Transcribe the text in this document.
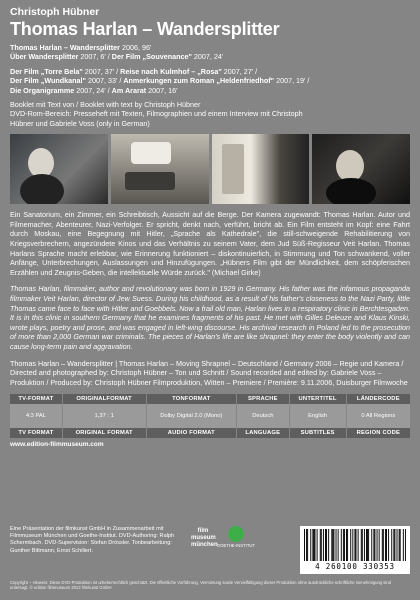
Christoph Hübner
Thomas Harlan – Wandersplitter
Thomas Harlan – Wandersplitter 2006, 96'
Über Wandersplitter 2007, 6' / Der Film „Souvenance" 2007, 24'
Der Film „Torre Bela" 2007, 37' / Reise nach Kulmhof – „Rosa" 2007, 27' /
Der Film „Wundkanal" 2007, 33' / Anmerkungen zum Roman „Heldenfriedhof" 2007, 19' /
Die Organigramme 2007, 24' / Am Ararat 2007, 16'
Booklet mit Text von / Booklet with text by Christoph Hübner
DVD-Rom-Bereich: Presseheft mit Texten, Filmographien und einem Interview mit Christoph
Hübner und Gabriele Voss (only in German)
Ein Sanatorium, ein Zimmer, ein Schreibtisch, Aussicht auf die Berge. Der Kamera zugewandt: Thomas Harlan. Autor und Filmemacher, Abenteurer, Nazi-Verfolger. Er spricht, denkt nach, verführt, bricht ab. Ein Film entsteht im Kopf: eine Fahrt durch Moskau, eine Begegnung mit Hitler, „Sprache als Kathedrale", die still-schweigende Rehabilitierung von Kriegsverbrechern, angezündete Kinos und das Verhältnis zu seinem Vater, dem Jud Süß-Regisseur Veit Harlan. Thomas Harlans Sprache macht erlebbar, wie Erinnerung funktioniert – diskontinuierlich, in Stimmung und Ton schwankend, voller Anfänge, Unterbrechungen, Auslassungen und Hinzufügungen. „Hübners Film gibt der Mündlichkeit, dem schöpferischen Erzählen und Zeugnis-Geben, die intellektuelle Würde zurück." (Michael Girke)
Thomas Harlan, filmmaker, author and revolutionary was born in 1929 in Germany. His father was the infamous propaganda filmmaker Veit Harlan, director of Jew Suess. During his childhood, as a result of his father's closeness to the Nazi Party, little Thomas came face to face with Hitler and Goebbels. Now a frail old man, Harlan lives in a respiratory clinic in Berchtesgaden. It is in this clinic in southern Germany that he examines fragments of his past. He met with Gilles Deleuze and Klaus Kinski, wrote plays, poetry and prose, and was engaged in left-wing discourse. His archival research in Poland led to the prosecution of more than 2,000 German war criminals. The pieces of Harlan's life are like shrapnel: they enter the body violently and can cause long-term pain and aggravation.
Thomas Harlan – Wandersplitter | Thomas Harlan – Moving Shrapnel – Deutschland / Germany 2006 – Regie und Kamera / Directed and photographed by: Christoph Hübner – Ton und Schnitt / Sound recorded and edited by: Gabriele Voss – Produktion / Produced by: Christoph Hübner Filmproduktion, Witten – Premiere / Première: 9.11.2006, Duisburger Filmwoche
TV-FORMAT	ORIGINALFORMAT	TONFORMAT	SPRACHE	UNTERTITEL	LÄNDERCODE
4:3 PAL	1,37 : 1	Dolby Digital 2.0 (Mono)	Deutsch	English	0 All Regions
TV FORMAT	ORIGINAL FORMAT	AUDIO FORMAT	LANGUAGE	SUBTITLES	REGION CODE
www.edition-filmmuseum.com
Eine Präsentation der filmkunst GmbH in Zusammenarbeit mit Filmmuseum München und Goethe-Institut. DVD-Authoring: Ralph Schermbach. DVD-Supervision: Stefan Drössler. Tonbearbeitung: Gunther Bittmann, Ernst Schillert.
film museum münchen GOETHE-INSTITUT
4 260100 330353
Copyright – Hinweis: Diese DVD-Produktion ist urheberrechtlich geschützt. Die öffentliche Vorführung, Vermietung sowie Vervielfältigung dieser Produktion ohne ausdrückliche schriftliche Genehmigung sind untersagt. © edition filmmuseum 2013 filmkunst GmbH
